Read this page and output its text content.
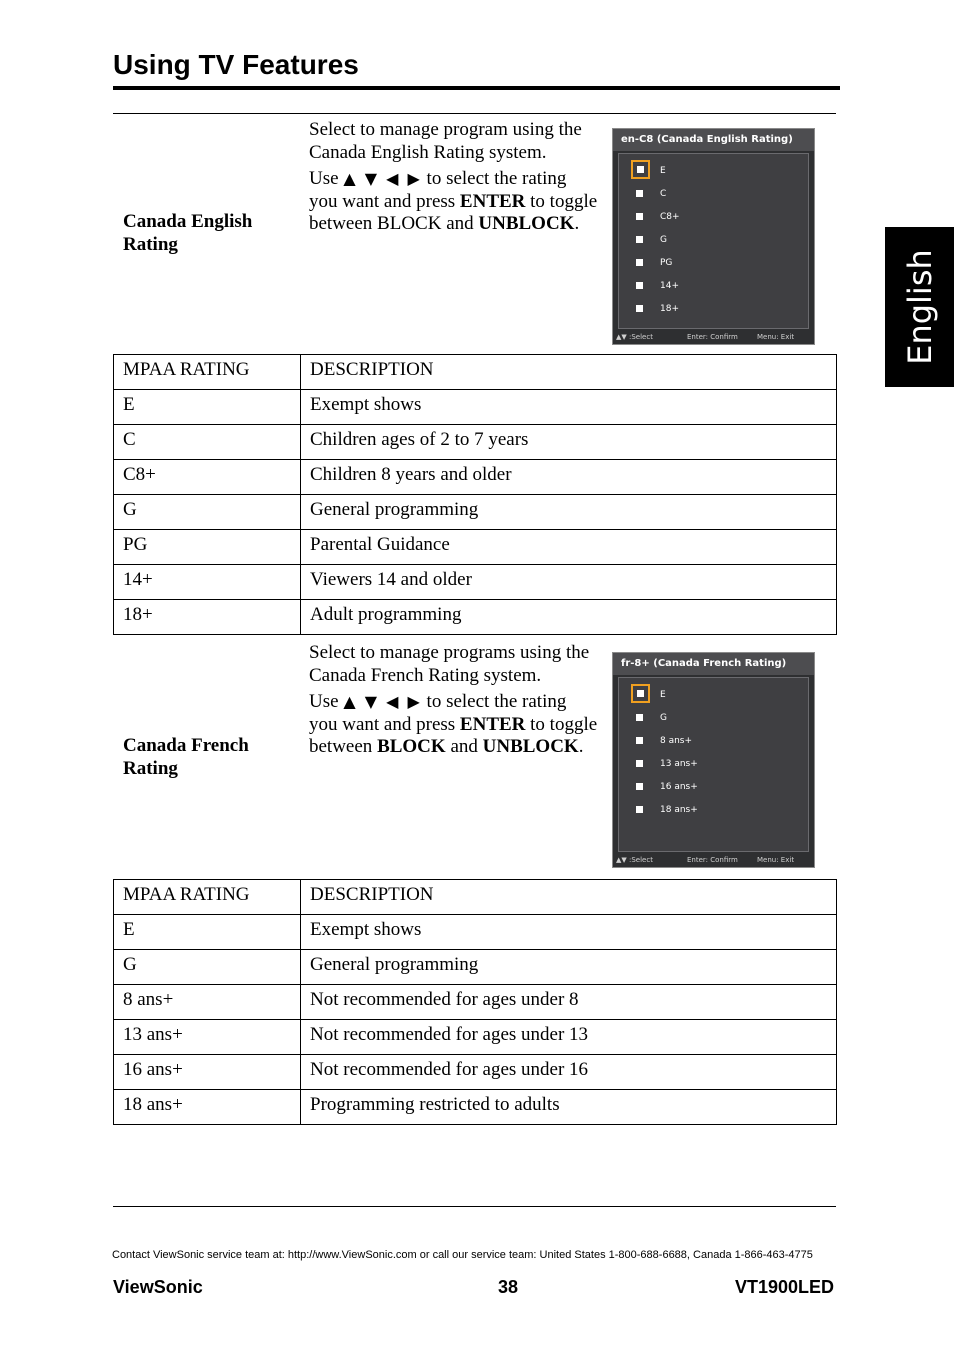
Using TV Features
English
Canada English Rating

Select to manage program using the Canada English Rating system.

Use ▲ ▼ ◀ ▶ to select the rating you want and press ENTER to toggle between BLOCK and UNBLOCK.

en-C8 (Canada English Rating)
E
C
C8+
G
PG
14+
18+
▲▼ :Select	Enter: Confirm	Menu: Exit
MPAA RATING	DESCRIPTION
E	Exempt shows
C	Children ages of 2 to 7 years
C8+	Children 8 years and older
G	General programming
PG	Parental Guidance
14+	Viewers 14 and older
18+	Adult programming
Canada French Rating

Select to manage programs using the Canada French Rating system.

Use ▲ ▼ ◀ ▶ to select the rating you want and press ENTER to toggle between BLOCK and UNBLOCK.

fr-8+ (Canada French Rating)
E
G
8 ans+
13 ans+
16 ans+
18 ans+
▲▼ :Select	Enter: Confirm	Menu: Exit
MPAA RATING	DESCRIPTION
E	Exempt shows
G	General programming
8 ans+	Not recommended for ages under 8
13 ans+	Not recommended for ages under 13
16 ans+	Not recommended for ages under 16
18 ans+	Programming restricted to adults
Contact ViewSonic service team at: http://www.ViewSonic.com or call our service team: United States 1-800-688-6688, Canada 1-866-463-4775
ViewSonic	38	VT1900LED
